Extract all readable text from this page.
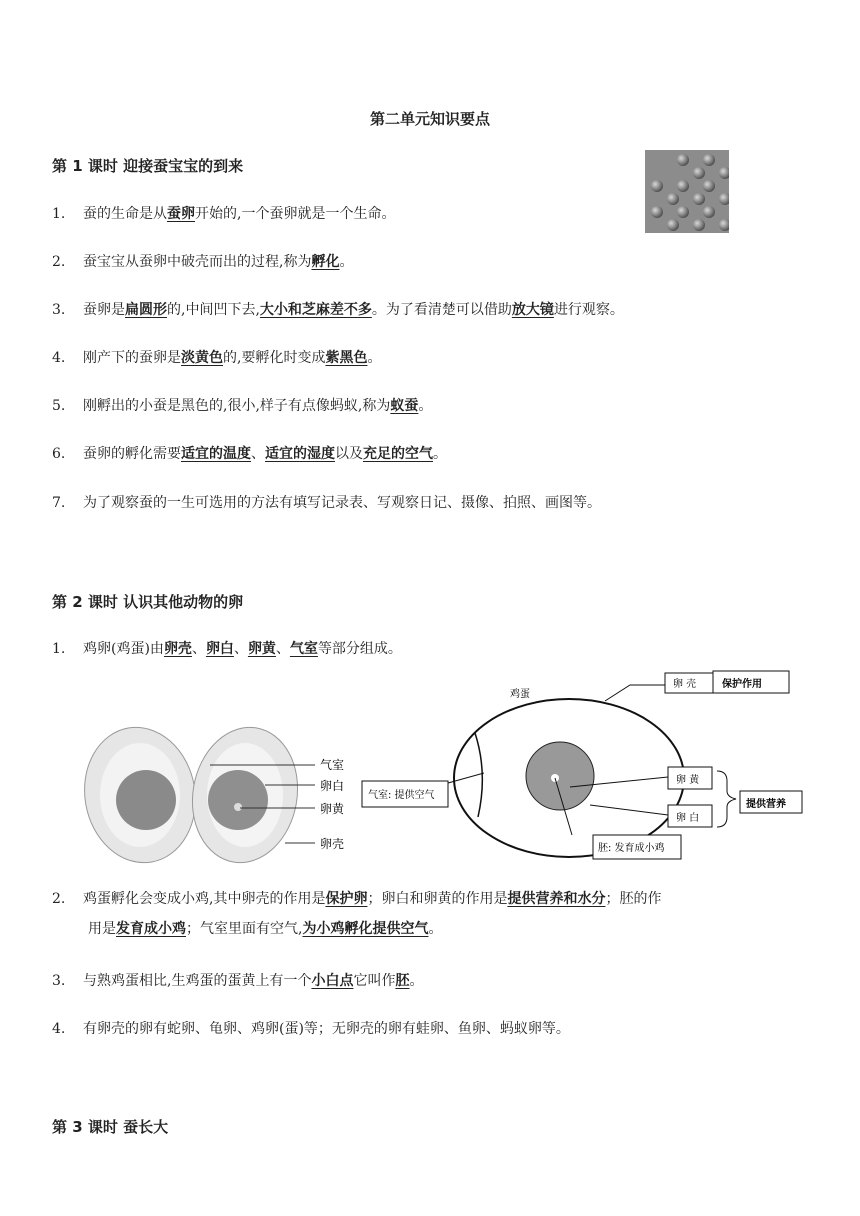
第二单元知识要点
第 1 课时 迎接蚕宝宝的到来
1. 蚕的生命是从蚕卵开始的,一个蚕卵就是一个生命。
2. 蚕宝宝从蚕卵中破壳而出的过程,称为孵化。
3. 蚕卵是扁圆形的,中间凹下去,大小和芝麻差不多。为了看清楚可以借助放大镜进行观察。
4. 刚产下的蚕卵是淡黄色的,要孵化时变成紫黑色。
5. 刚孵出的小蚕是黑色的,很小,样子有点像蚂蚁,称为蚁蚕。
6. 蚕卵的孵化需要适宜的温度、适宜的湿度以及充足的空气。
7. 为了观察蚕的一生可选用的方法有填写记录表、写观察日记、摄像、拍照、画图等。
第 2 课时 认识其他动物的卵
1. 鸡卵(鸡蛋)由卵壳、卵白、卵黄、气室等部分组成。
气室
卵白
卵黄
卵壳
鸡蛋
卵 壳	保护作用
卵 黄
卵 白
提供营养
气室: 提供空气
胚: 发育成小鸡
2. 鸡蛋孵化会变成小鸡,其中卵壳的作用是保护卵；卵白和卵黄的作用是提供营养和水分；胚的作
用是发育成小鸡；气室里面有空气,为小鸡孵化提供空气。
3. 与熟鸡蛋相比,生鸡蛋的蛋黄上有一个小白点它叫作胚。
4. 有卵壳的卵有蛇卵、龟卵、鸡卵(蛋)等；无卵壳的卵有蛙卵、鱼卵、蚂蚁卵等。
第 3 课时 蚕长大
